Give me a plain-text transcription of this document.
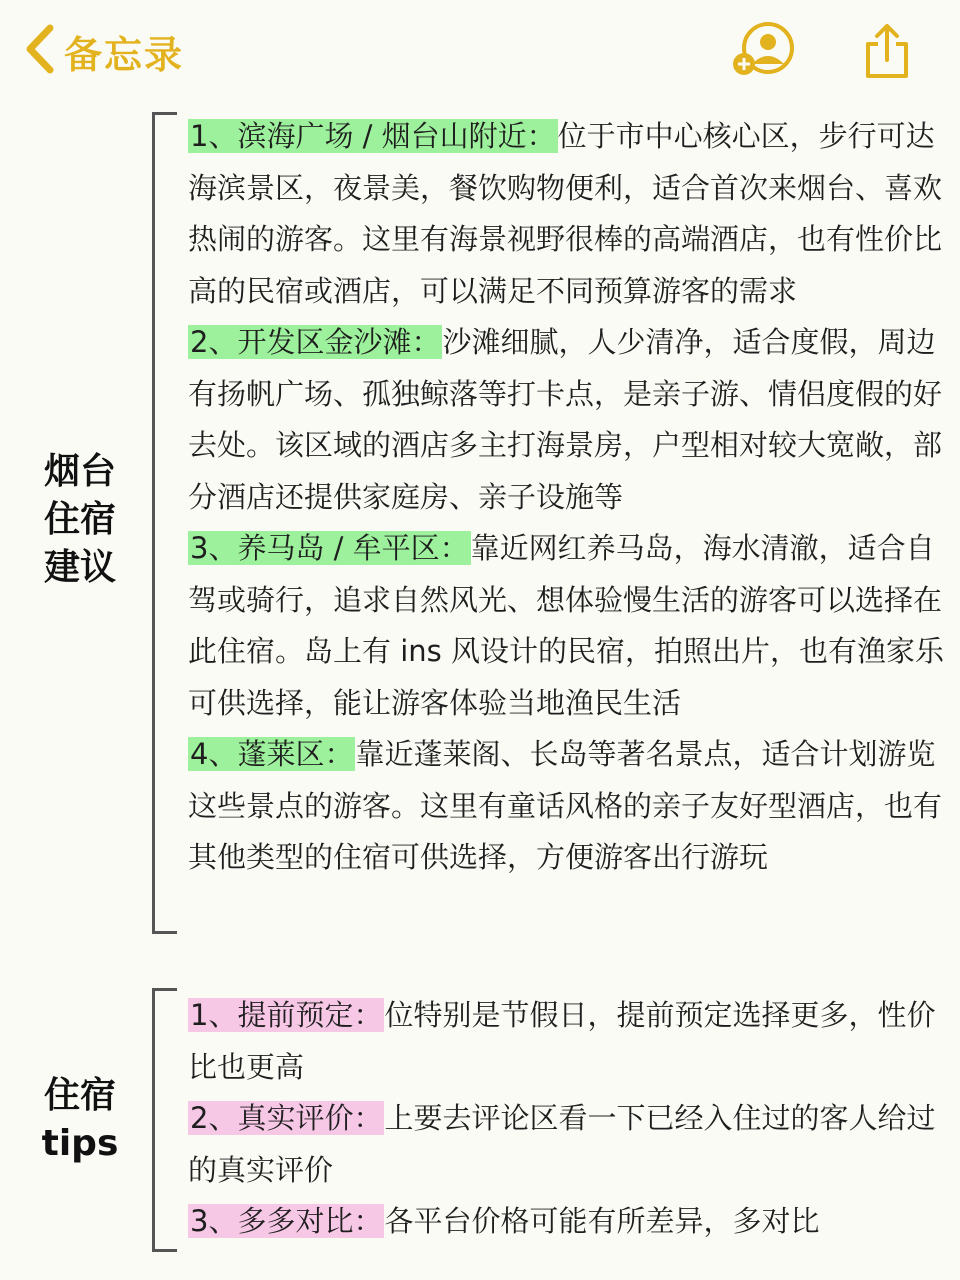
备忘录
烟台
住宿
建议

1、滨海广场 / 烟台山附近：位于市中心核心区，步行可达海滨景区，夜景美，餐饮购物便利，适合首次来烟台、喜欢热闹的游客。这里有海景视野很棒的高端酒店，也有性价比高的民宿或酒店，可以满足不同预算游客的需求

2、开发区金沙滩：沙滩细腻，人少清净，适合度假，周边有扬帆广场、孤独鲸落等打卡点，是亲子游、情侣度假的好去处。该区域的酒店多主打海景房，户型相对较大宽敞，部分酒店还提供家庭房、亲子设施等

3、养马岛 / 牟平区：靠近网红养马岛，海水清澈，适合自驾或骑行，追求自然风光、想体验慢生活的游客可以选择在此住宿。岛上有 ins 风设计的民宿，拍照出片，也有渔家乐可供选择，能让游客体验当地渔民生活

4、蓬莱区：靠近蓬莱阁、长岛等著名景点，适合计划游览这些景点的游客。这里有童话风格的亲子友好型酒店，也有其他类型的住宿可供选择，方便游客出行游玩

住宿
tips

1、提前预定：位特别是节假日，提前预定选择更多，性价比也更高

2、真实评价：上要去评论区看一下已经入住过的客人给过的真实评价

3、多多对比：各平台价格可能有所差异，多对比
